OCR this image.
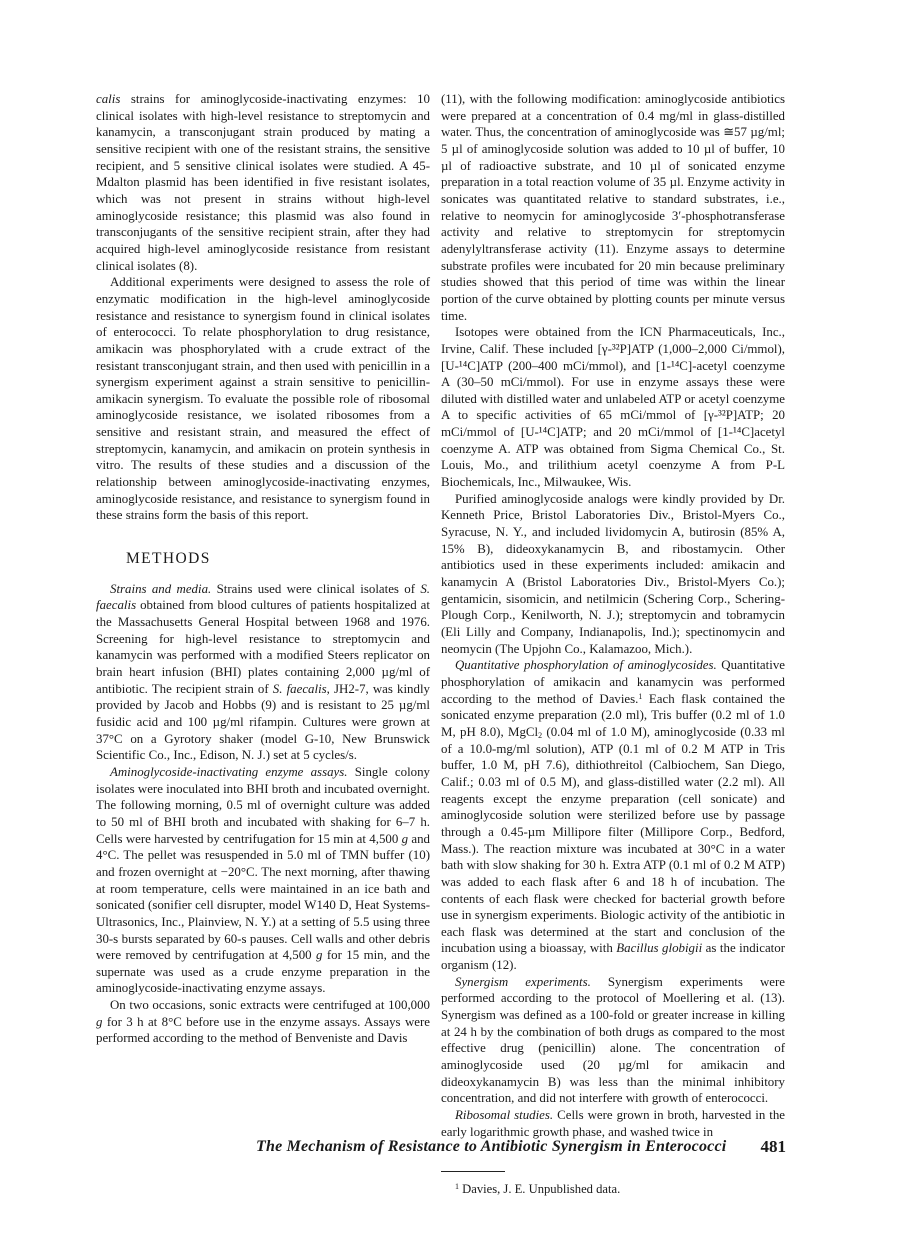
calis strains for aminoglycoside-inactivating enzymes: 10 clinical isolates with high-level resistance to streptomycin and kanamycin, a transconjugant strain produced by mating a sensitive recipient with one of the resistant strains, the sensitive recipient, and 5 sensitive clinical isolates were studied. A 45-Mdalton plasmid has been identified in five resistant isolates, which was not present in strains without high-level aminoglycoside resistance; this plasmid was also found in transconjugants of the sensitive recipient strain, after they had acquired high-level aminoglycoside resistance from resistant clinical isolates (8).

Additional experiments were designed to assess the role of enzymatic modification in the high-level aminoglycoside resistance and resistance to synergism found in clinical isolates of enterococci. To relate phosphorylation to drug resistance, amikacin was phosphorylated with a crude extract of the resistant transconjugant strain, and then used with penicillin in a synergism experiment against a strain sensitive to penicillin-amikacin synergism. To evaluate the possible role of ribosomal aminoglycoside resistance, we isolated ribosomes from a sensitive and resistant strain, and measured the effect of streptomycin, kanamycin, and amikacin on protein synthesis in vitro. The results of these studies and a discussion of the relationship between aminoglycoside-inactivating enzymes, aminoglycoside resistance, and resistance to synergism found in these strains form the basis of this report.

METHODS

Strains and media. Strains used were clinical isolates of S. faecalis obtained from blood cultures of patients hospitalized at the Massachusetts General Hospital between 1968 and 1976. Screening for high-level resistance to streptomycin and kanamycin was performed with a modified Steers replicator on brain heart infusion (BHI) plates containing 2,000 µg/ml of antibiotic. The recipient strain of S. faecalis, JH2-7, was kindly provided by Jacob and Hobbs (9) and is resistant to 25 µg/ml fusidic acid and 100 µg/ml rifampin. Cultures were grown at 37°C on a Gyrotory shaker (model G-10, New Brunswick Scientific Co., Inc., Edison, N. J.) set at 5 cycles/s.

Aminoglycoside-inactivating enzyme assays. Single colony isolates were inoculated into BHI broth and incubated overnight. The following morning, 0.5 ml of overnight culture was added to 50 ml of BHI broth and incubated with shaking for 6–7 h. Cells were harvested by centrifugation for 15 min at 4,500 g and 4°C. The pellet was resuspended in 5.0 ml of TMN buffer (10) and frozen overnight at −20°C. The next morning, after thawing at room temperature, cells were maintained in an ice bath and sonicated (sonifier cell disrupter, model W140 D, Heat Systems-Ultrasonics, Inc., Plainview, N. Y.) at a setting of 5.5 using three 30-s bursts separated by 60-s pauses. Cell walls and other debris were removed by centrifugation at 4,500 g for 15 min, and the supernate was used as a crude enzyme preparation in the aminoglycoside-inactivating enzyme assays.

On two occasions, sonic extracts were centrifuged at 100,000 g for 3 h at 8°C before use in the enzyme assays. Assays were performed according to the method of Benveniste and Davis

(11), with the following modification: aminoglycoside antibiotics were prepared at a concentration of 0.4 mg/ml in glass-distilled water. Thus, the concentration of aminoglycoside was ≅57 µg/ml; 5 µl of aminoglycoside solution was added to 10 µl of buffer, 10 µl of radioactive substrate, and 10 µl of sonicated enzyme preparation in a total reaction volume of 35 µl. Enzyme activity in sonicates was quantitated relative to standard substrates, i.e., relative to neomycin for aminoglycoside 3′-phosphotransferase activity and relative to streptomycin for streptomycin adenylyltransferase activity (11). Enzyme assays to determine substrate profiles were incubated for 20 min because preliminary studies showed that this period of time was within the linear portion of the curve obtained by plotting counts per minute versus time.

Isotopes were obtained from the ICN Pharmaceuticals, Inc., Irvine, Calif. These included [γ-³²P]ATP (1,000–2,000 Ci/mmol), [U-¹⁴C]ATP (200–400 mCi/mmol), and [1-¹⁴C]-acetyl coenzyme A (30–50 mCi/mmol). For use in enzyme assays these were diluted with distilled water and unlabeled ATP or acetyl coenzyme A to specific activities of 65 mCi/mmol of [γ-³²P]ATP; 20 mCi/mmol of [U-¹⁴C]ATP; and 20 mCi/mmol of [1-¹⁴C]acetyl coenzyme A. ATP was obtained from Sigma Chemical Co., St. Louis, Mo., and trilithium acetyl coenzyme A from P-L Biochemicals, Inc., Milwaukee, Wis.

Purified aminoglycoside analogs were kindly provided by Dr. Kenneth Price, Bristol Laboratories Div., Bristol-Myers Co., Syracuse, N. Y., and included lividomycin A, butirosin (85% A, 15% B), dideoxykanamycin B, and ribostamycin. Other antibiotics used in these experiments included: amikacin and kanamycin A (Bristol Laboratories Div., Bristol-Myers Co.); gentamicin, sisomicin, and netilmicin (Schering Corp., Schering-Plough Corp., Kenilworth, N. J.); streptomycin and tobramycin (Eli Lilly and Company, Indianapolis, Ind.); spectinomycin and neomycin (The Upjohn Co., Kalamazoo, Mich.).

Quantitative phosphorylation of aminoglycosides. Quantitative phosphorylation of amikacin and kanamycin was performed according to the method of Davies.$^1$ Each flask contained the sonicated enzyme preparation (2.0 ml), Tris buffer (0.2 ml of 1.0 M, pH 8.0), MgCl$_2$ (0.04 ml of 1.0 M), aminoglycoside (0.33 ml of a 10.0-mg/ml solution), ATP (0.1 ml of 0.2 M ATP in Tris buffer, 1.0 M, pH 7.6), dithiothreitol (Calbiochem, San Diego, Calif.; 0.03 ml of 0.5 M), and glass-distilled water (2.2 ml). All reagents except the enzyme preparation (cell sonicate) and aminoglycoside solution were sterilized before use by passage through a 0.45-µm Millipore filter (Millipore Corp., Bedford, Mass.). The reaction mixture was incubated at 30°C in a water bath with slow shaking for 30 h. Extra ATP (0.1 ml of 0.2 M ATP) was added to each flask after 6 and 18 h of incubation. The contents of each flask were checked for bacterial growth before use in synergism experiments. Biologic activity of the antibiotic in each flask was determined at the start and conclusion of the incubation using a bioassay, with Bacillus globigii as the indicator organism (12).

Synergism experiments. Synergism experiments were performed according to the protocol of Moellering et al. (13). Synergism was defined as a 100-fold or greater increase in killing at 24 h by the combination of both drugs as compared to the most effective drug (penicillin) alone. The concentration of aminoglycoside used (20 µg/ml for amikacin and dideoxykanamycin B) was less than the minimal inhibitory concentration, and did not interfere with growth of enterococci.

Ribosomal studies. Cells were grown in broth, harvested in the early logarithmic growth phase, and washed twice in

$^1$ Davies, J. E. Unpublished data.
The Mechanism of Resistance to Antibiotic Synergism in Enterococci 481
